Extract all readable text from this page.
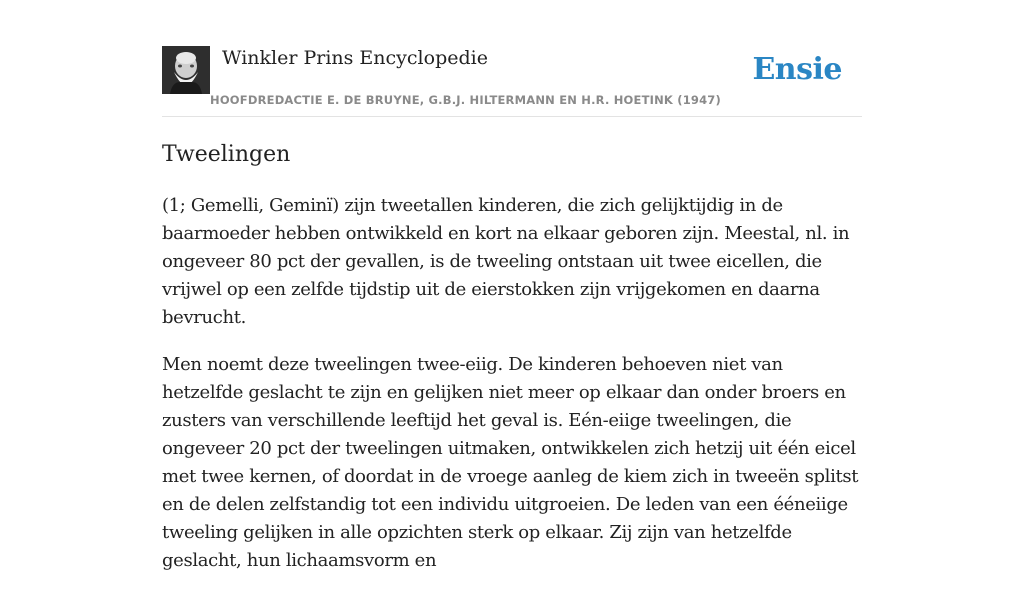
Winkler Prins Encyclopedie
HOOFDREDACTIE E. DE BRUYNE, G.B.J. HILTERMANN EN H.R. HOETINK (1947)
Ensie
Tweelingen

(1; Gemelli, Geminï) zijn tweetallen kinderen, die zich gelijktijdig in de baarmoeder hebben ontwikkeld en kort na elkaar geboren zijn. Meestal, nl. in ongeveer 80 pct der gevallen, is de tweeling ontstaan uit twee eicellen, die vrijwel op een zelfde tijdstip uit de eierstokken zijn vrijgekomen en daarna bevrucht.

Men noemt deze tweelingen twee-eiig. De kinderen behoeven niet van hetzelfde geslacht te zijn en gelijken niet meer op elkaar dan onder broers en zusters van verschillende leeftijd het geval is. Eén-eiige tweelingen, die ongeveer 20 pct der tweelingen uitmaken, ontwikkelen zich hetzij uit één eicel met twee kernen, of doordat in de vroege aanleg de kiem zich in tweeën splitst en de delen zelfstandig tot een individu uitgroeien. De leden van een ééneiige tweeling gelijken in alle opzichten sterk op elkaar. Zij zijn van hetzelfde geslacht, hun lichaamsvorm en
